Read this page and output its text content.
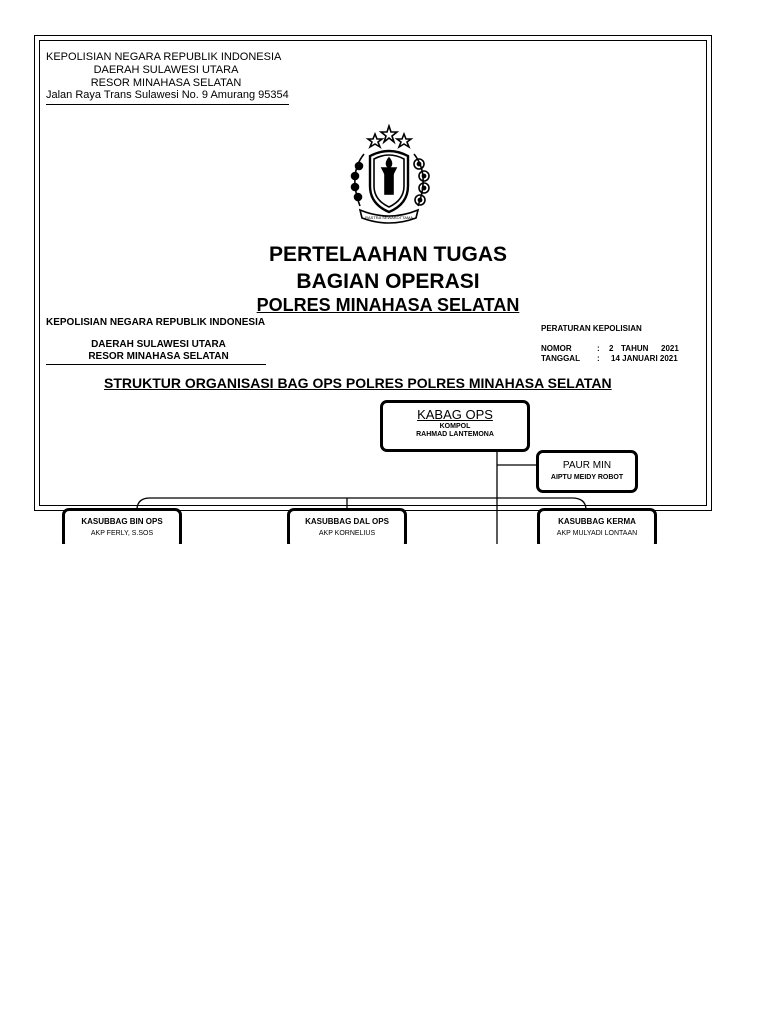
KEPOLISIAN NEGARA REPUBLIK INDONESIA
DAERAH SULAWESI UTARA
RESOR MINAHASA SELATAN
Jalan Raya Trans Sulawesi No. 9 Amurang 95354
RASTRA SEWAKOTTAMA
PERTELAAHAN TUGAS
BAGIAN OPERASI
POLRES MINAHASA SELATAN
KEPOLISIAN NEGARA REPUBLIK INDONESIA
DAERAH SULAWESI UTARA
RESOR MINAHASA SELATAN
PERATURAN KEPOLISIAN
NOMOR	: 2 TAHUN 2021
TANGGAL : 14 JANUARI 2021
STRUKTUR ORGANISASI BAG OPS POLRES POLRES MINAHASA SELATAN
KABAG OPS
KOMPOL
RAHMAD LANTEMONA
PAUR MIN
AIPTU MEIDY ROBOT
KASUBBAG BIN OPS
AKP FERLY, S.SOS
KASUBBAG DAL OPS
AKP KORNELIUS
KASUBBAG KERMA
AKP MULYADI LONTAAN
